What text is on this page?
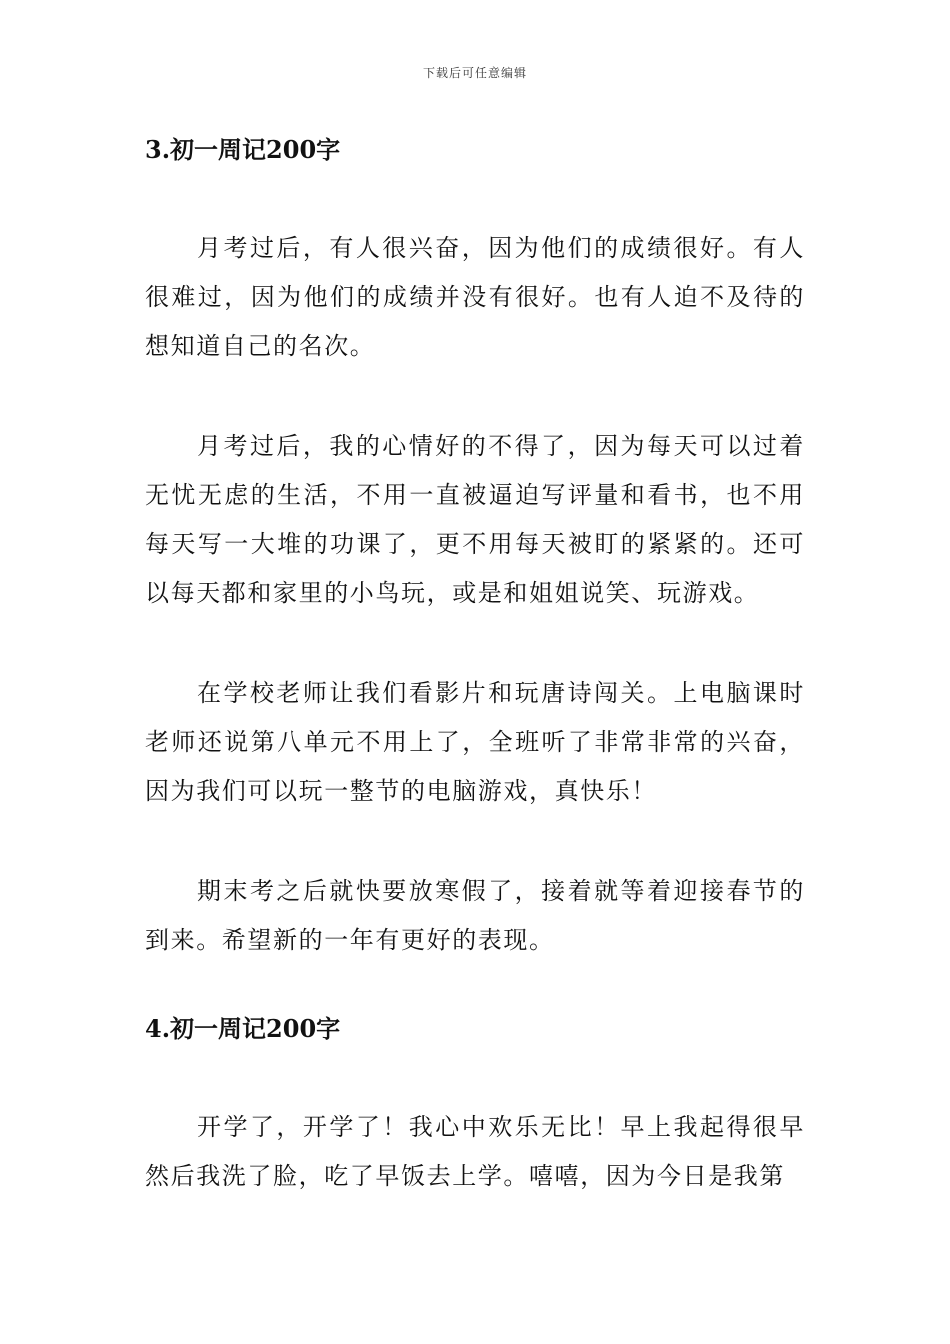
下载后可任意编辑
3.初一周记200字

月考过后，有人很兴奋，因为他们的成绩很好。有人很难过，因为他们的成绩并没有很好。也有人迫不及待的想知道自己的名次。

月考过后，我的心情好的不得了，因为每天可以过着无忧无虑的生活，不用一直被逼迫写评量和看书，也不用每天写一大堆的功课了，更不用每天被盯的紧紧的。还可以每天都和家里的小鸟玩，或是和姐姐说笑、玩游戏。

在学校老师让我们看影片和玩唐诗闯关。上电脑课时老师还说第八单元不用上了，全班听了非常非常的兴奋，因为我们可以玩一整节的电脑游戏，真快乐！

期末考之后就快要放寒假了，接着就等着迎接春节的到来。希望新的一年有更好的表现。

4.初一周记200字

开学了，开学了！我心中欢乐无比！早上我起得很早然后我洗了脸，吃了早饭去上学。嘻嘻，因为今日是我第
